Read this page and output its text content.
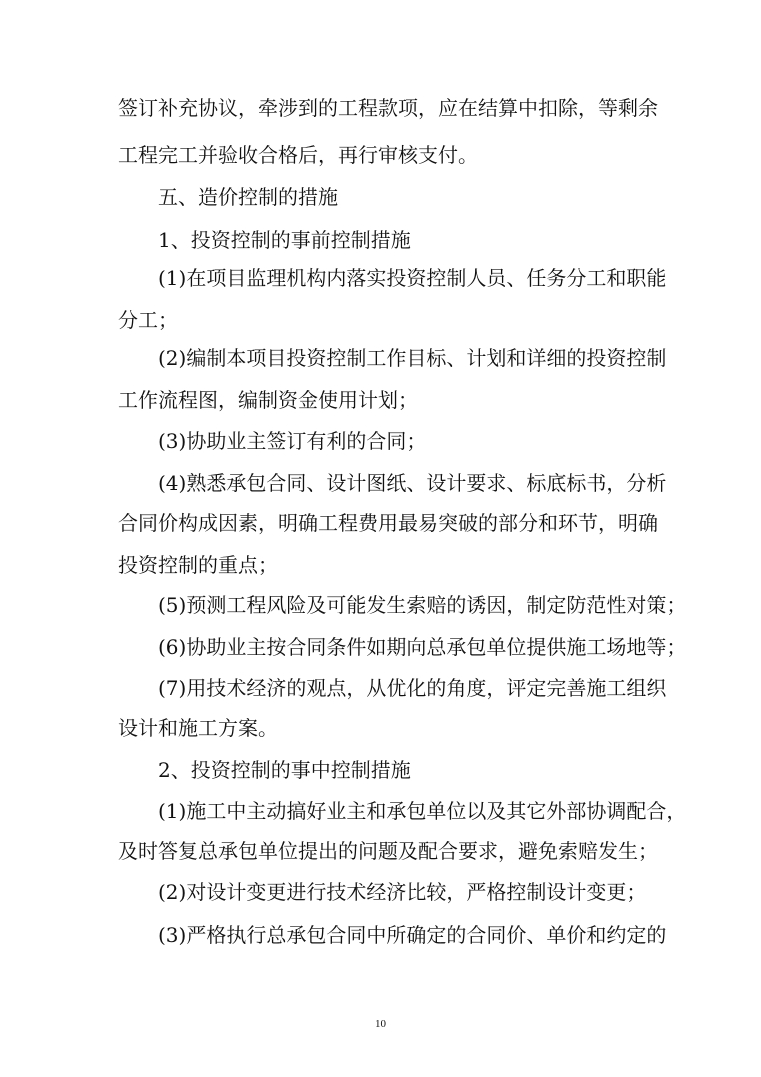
签订补充协议，牵涉到的工程款项，应在结算中扣除，等剩余
工程完工并验收合格后，再行审核支付。
五、造价控制的措施
1、投资控制的事前控制措施
(1)在项目监理机构内落实投资控制人员、任务分工和职能
分工；
(2)编制本项目投资控制工作目标、计划和详细的投资控制
工作流程图，编制资金使用计划；
(3)协助业主签订有利的合同；
(4)熟悉承包合同、设计图纸、设计要求、标底标书，分析
合同价构成因素，明确工程费用最易突破的部分和环节，明确
投资控制的重点；
(5)预测工程风险及可能发生索赔的诱因，制定防范性对策；
(6)协助业主按合同条件如期向总承包单位提供施工场地等；
(7)用技术经济的观点，从优化的角度，评定完善施工组织
设计和施工方案。
2、投资控制的事中控制措施
(1)施工中主动搞好业主和承包单位以及其它外部协调配合，
及时答复总承包单位提出的问题及配合要求，避免索赔发生；
(2)对设计变更进行技术经济比较，严格控制设计变更；
(3)严格执行总承包合同中所确定的合同价、单价和约定的
10
